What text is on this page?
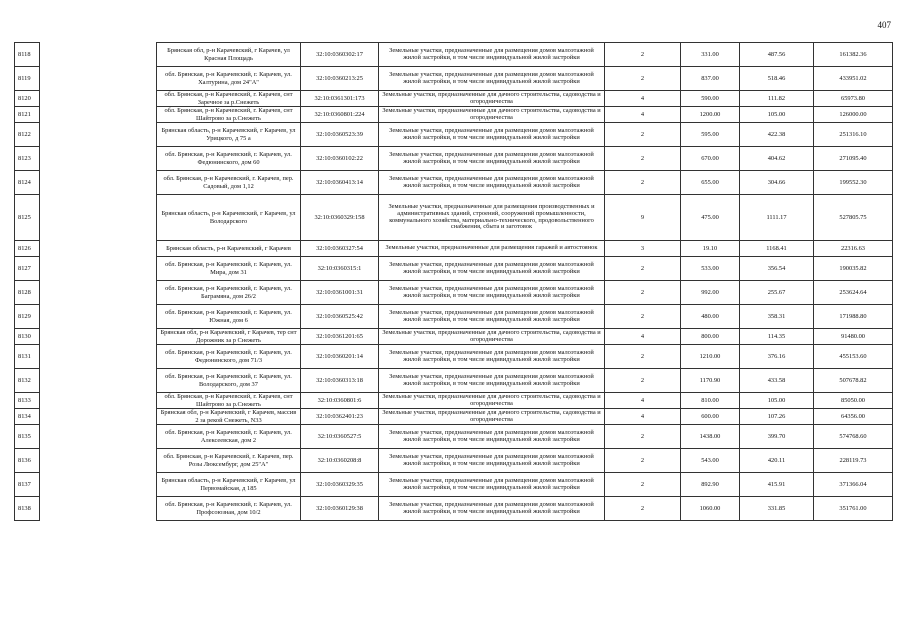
407
8118		Брянская обл, р-н Карачевский, г Карачев, ул Красная Площадь	32:10:0360302:17	Земельные участки, предназначенные для размещения домов малоэтажной жилой застройки, в том числе индивидуальной жилой застройки	2	331.00	487.56	161382.36
8119		обл. Брянская, р-н Карачевский, г. Карачев, ул. Халтурина, дом 24"А"	32:10:0360213:25	Земельные участки, предназначенные для размещения домов малоэтажной жилой застройки, в том числе индивидуальной жилой застройки	2	837.00	518.46	433951.02
8120		обл. Брянская, р-н Карачевский, г. Карачев, снт Заречное за р.Снежеть	32:10:0361301:173	Земельные участки, предназначенные для дачного строительства, садоводства и огородничества	4	590.00	111.82	65973.80
8121		обл. Брянская, р-н Карачевский, г. Карачев, снт Шайтрово за р.Снежеть	32:10:0360801:224	Земельные участки, предназначенные для дачного строительства, садоводства и огородничества	4	1200.00	105.00	126000.00
8122		Брянская область, р-н Карачевский, г Карачев, ул Урицкого, д 75 а	32:10:0360523:39	Земельные участки, предназначенные для размещения домов малоэтажной жилой застройки, в том числе индивидуальной жилой застройки	2	595.00	422.38	251316.10
8123		обл. Брянская, р-н Карачевский, г. Карачев, ул. Федюнинского, дом 60	32:10:0360102:22	Земельные участки, предназначенные для размещения домов малоэтажной жилой застройки, в том числе индивидуальной жилой застройки	2	670.00	404.62	271095.40
8124		обл. Брянская, р-н Карачевский, г. Карачев, пер. Садовый, дом 1,12	32:10:0360413:14	Земельные участки, предназначенные для размещения домов малоэтажной жилой застройки, в том числе индивидуальной жилой застройки	2	655.00	304.66	199552.30
8125		Брянская область, р-н Карачевский, г Карачев, ул Володарского	32:10:0360329:158	Земельные участки, предназначенные для размещения производственных и административных зданий, строений, сооружений промышленности, коммунального хозяйства, материально-технического, продовольственного снабжения, сбыта и заготовок	9	475.00	1111.17	527805.75
8126		Брянская область, р-н Карачевский, г Карачев	32:10:0360327:54	Земельные участки, предназначенные для размещения гаражей и автостоянок	3	19.10	1168.41	22316.63
8127		обл. Брянская, р-н Карачевский, г. Карачев, ул. Мира, дом 31	32:10:0360315:1	Земельные участки, предназначенные для размещения домов малоэтажной жилой застройки, в том числе индивидуальной жилой застройки	2	533.00	356.54	190035.82
8128		обл. Брянская, р-н Карачевский, г. Карачев, ул. Баграмяна, дом 26/2	32:10:0361001:31	Земельные участки, предназначенные для размещения домов малоэтажной жилой застройки, в том числе индивидуальной жилой застройки	2	992.00	255.67	253624.64
8129		обл. Брянская, р-н Карачевский, г. Карачев, ул. Южная, дом 6	32:10:0360525:42	Земельные участки, предназначенные для размещения домов малоэтажной жилой застройки, в том числе индивидуальной жилой застройки	2	480.00	358.31	171988.80
8130		Брянская обл, р-н Карачевский, г Карачев, тер снт Дорожник за р Снежеть	32:10:0361201:65	Земельные участки, предназначенные для дачного строительства, садоводства и огородничества	4	800.00	114.35	91480.00
8131		обл. Брянская, р-н Карачевский, г. Карачев, ул. Федюнинского, дом 71/3	32:10:0360201:14	Земельные участки, предназначенные для размещения домов малоэтажной жилой застройки, в том числе индивидуальной жилой застройки	2	1210.00	376.16	455153.60
8132		обл. Брянская, р-н Карачевский, г. Карачев, ул. Володарского, дом 37	32:10:0360313:18	Земельные участки, предназначенные для размещения домов малоэтажной жилой застройки, в том числе индивидуальной жилой застройки	2	1170.90	433.58	507678.82
8133		обл. Брянская, р-н Карачевский, г. Карачев, снт Шайтрово за р.Снежеть	32:10:0360801:6	Земельные участки, предназначенные для дачного строительства, садоводства и огородничества	4	810.00	105.00	85050.00
8134		Брянская обл, р-н Карачевский, г Карачев, массив 2 за рекой Снежеть, N33	32:10:0362401:23	Земельные участки, предназначенные для дачного строительства, садоводства и огородничества	4	600.00	107.26	64356.00
8135		обл. Брянская, р-н Карачевский, г. Карачев, ул. Алексеевская, дом 2	32:10:0360527:5	Земельные участки, предназначенные для размещения домов малоэтажной жилой застройки, в том числе индивидуальной жилой застройки	2	1438.00	399.70	574768.60
8136		обл. Брянская, р-н Карачевский, г. Карачев, пер. Розы Люксембург, дом 25"А"	32:10:0360208:8	Земельные участки, предназначенные для размещения домов малоэтажной жилой застройки, в том числе индивидуальной жилой застройки	2	543.00	420.11	228119.73
8137		Брянская область, р-н Карачевский, г Карачев, ул Первомайская, д 185	32:10:0360329:35	Земельные участки, предназначенные для размещения домов малоэтажной жилой застройки, в том числе индивидуальной жилой застройки	2	892.90	415.91	371366.04
8138		обл. Брянская, р-н Карачевский, г. Карачев, ул. Профсоюзная, дом 10/2	32:10:0360129:38	Земельные участки, предназначенные для размещения домов малоэтажной жилой застройки, в том числе индивидуальной жилой застройки	2	1060.00	331.85	351761.00
